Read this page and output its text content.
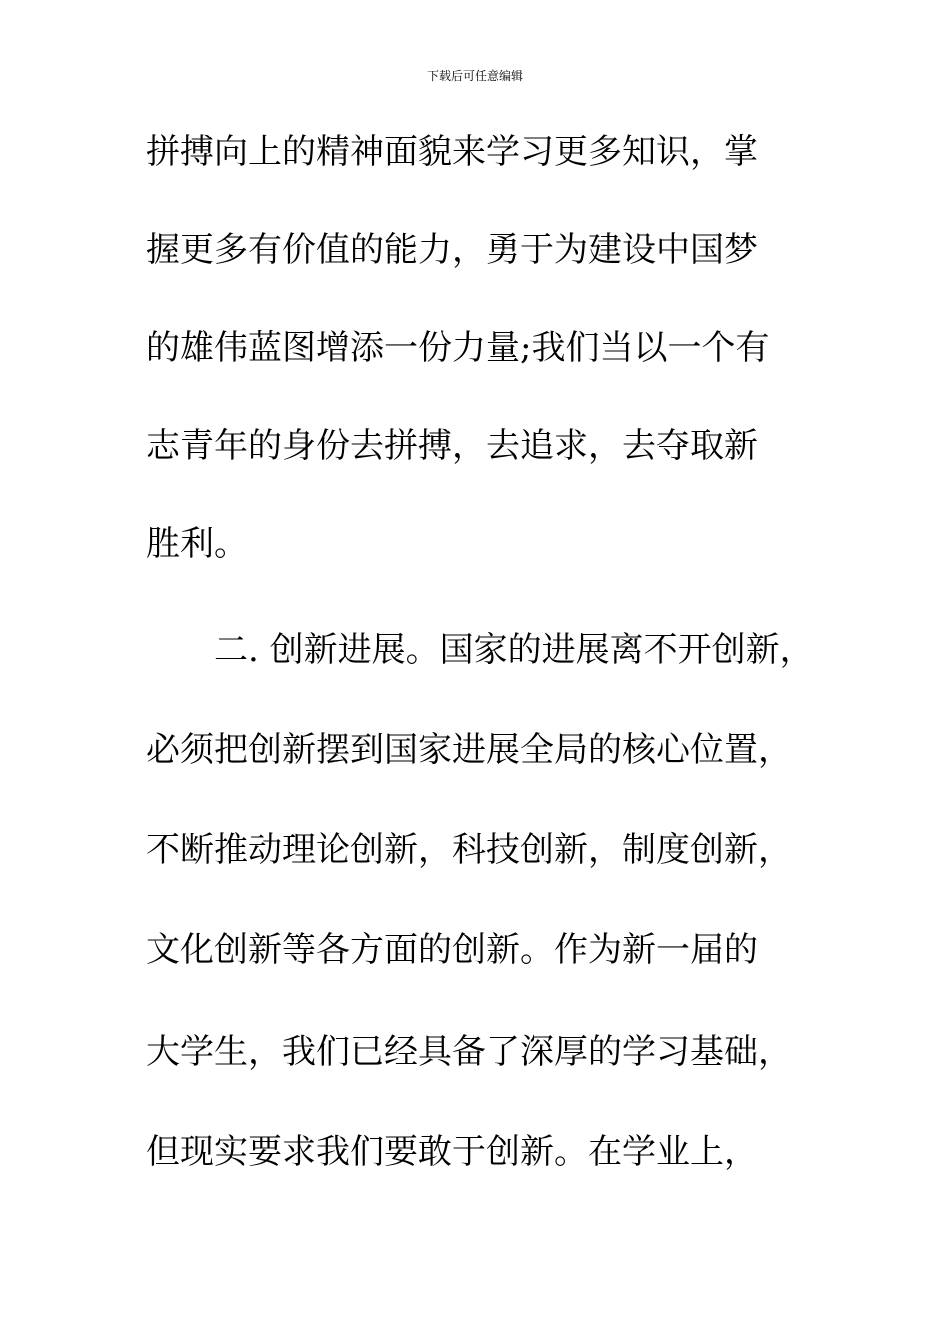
下载后可任意编辑
拼搏向上的精神面貌来学习更多知识，掌
握更多有价值的能力，勇于为建设中国梦
的雄伟蓝图增添一份力量;我们当以一个有
志青年的身份去拼搏，去追求，去夺取新
胜利。
二. 创新进展。国家的进展离不开创新，
必须把创新摆到国家进展全局的核心位置，
不断推动理论创新，科技创新，制度创新，
文化创新等各方面的创新。作为新一届的
大学生，我们已经具备了深厚的学习基础，
但现实要求我们要敢于创新。在学业上，
